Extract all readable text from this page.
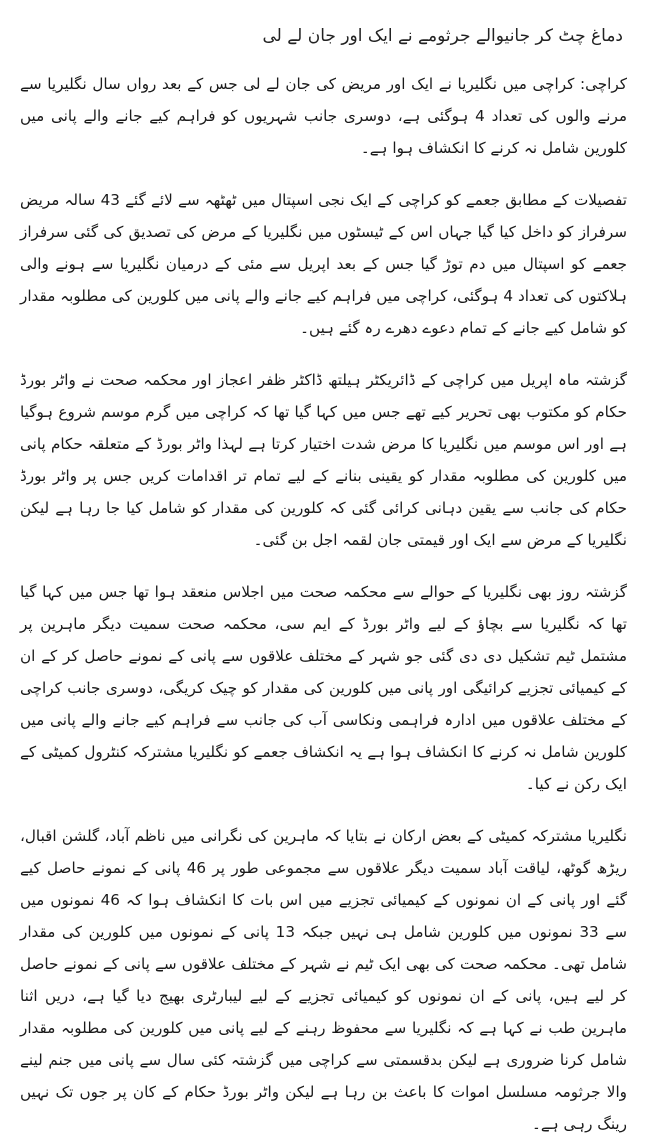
دماغ چٹ کر جانیوالے جرثومے نے ایک اور جان لے لی

کراچی: کراچی میں نگلیریا نے ایک اور مریض کی جان لے لی جس کے بعد رواں سال نگلیریا سے مرنے والوں کی تعداد 4 ہوگئی ہے، دوسری جانب شہریوں کو فراہم کیے جانے والے پانی میں کلورین شامل نہ کرنے کا انکشاف ہوا ہے۔

تفصیلات کے مطابق جعمے کو کراچی کے ایک نجی اسپتال میں ٹھٹھہ سے لائے گئے 43 سالہ مریض سرفراز کو داخل کیا گیا جہاں اس کے ٹیسٹوں میں نگلیریا کے مرض کی تصدیق کی گئی سرفراز جعمے کو اسپتال میں دم توڑ گیا جس کے بعد اپریل سے مئی کے درمیان نگلیریا سے ہونے والی ہلاکتوں کی تعداد 4 ہوگئی، کراچی میں فراہم کیے جانے والے پانی میں کلورین کی مطلوبہ مقدار کو شامل کیے جانے کے تمام دعوے دھرے رہ گئے ہیں۔

گزشتہ ماہ اپریل میں کراچی کے ڈائریکٹر ہیلتھ ڈاکٹر ظفر اعجاز اور محکمہ صحت نے واٹر بورڈ حکام کو مکتوب بھی تحریر کیے تھے جس میں کہا گیا تھا کہ کراچی میں گرم موسم شروع ہوگیا ہے اور اس موسم میں نگلیریا کا مرض شدت اختیار کرتا ہے لہذا واٹر بورڈ کے متعلقہ حکام پانی میں کلورین کی مطلوبہ مقدار کو یقینی بنانے کے لیے تمام تر اقدامات کریں جس پر واٹر بورڈ حکام کی جانب سے یقین دہانی کرائی گئی کہ کلورین کی مقدار کو شامل کیا جا رہا ہے لیکن نگلیریا کے مرض سے ایک اور قیمتی جان لقمہ اجل بن گئی۔

گزشتہ روز بھی نگلیریا کے حوالے سے محکمہ صحت میں اجلاس منعقد ہوا تھا جس میں کہا گیا تھا کہ نگلیریا سے بچاؤ کے لیے واٹر بورڈ کے ایم سی، محکمہ صحت سمیت دیگر ماہرین پر مشتمل ٹیم تشکیل دی دی گئی جو شہر کے مختلف علاقوں سے پانی کے نمونے حاصل کر کے ان کے کیمیائی تجزیے کرائیگی اور پانی میں کلورین کی مقدار کو چیک کریگی، دوسری جانب کراچی کے مختلف علاقوں میں ادارہ فراہمی ونکاسی آب کی جانب سے فراہم کیے جانے والے پانی میں کلورین شامل نہ کرنے کا انکشاف ہوا ہے یہ انکشاف جعمے کو نگلیریا مشترکہ کنٹرول کمیٹی کے ایک رکن نے کیا۔

نگلیریا مشترکہ کمیٹی کے بعض ارکان نے بتایا کہ ماہرین کی نگرانی میں ناظم آباد، گلشن اقبال، ریڑھ گوٹھ، لیاقت آباد سمیت دیگر علاقوں سے مجموعی طور پر 46 پانی کے نمونے حاصل کیے گئے اور پانی کے ان نمونوں کے کیمیائی تجزیے میں اس بات کا انکشاف ہوا کہ 46 نمونوں میں سے 33 نمونوں میں کلورین شامل ہی نہیں جبکہ 13 پانی کے نمونوں میں کلورین کی مقدار شامل تھی۔ محکمہ صحت کی بھی ایک ٹیم نے شہر کے مختلف علاقوں سے پانی کے نمونے حاصل کر لیے ہیں، پانی کے ان نمونوں کو کیمیائی تجزیے کے لیے لیبارٹری بھیج دیا گیا ہے، دریں اثنا ماہرین طب نے کہا ہے کہ نگلیریا سے محفوظ رہنے کے لیے پانی میں کلورین کی مطلوبہ مقدار شامل کرنا ضروری ہے لیکن بدقسمتی سے کراچی میں گزشتہ کئی سال سے پانی میں جنم لینے والا جرثومہ مسلسل اموات کا باعث بن رہا ہے لیکن واٹر بورڈ حکام کے کان پر جوں تک نہیں رینگ رہی ہے۔
